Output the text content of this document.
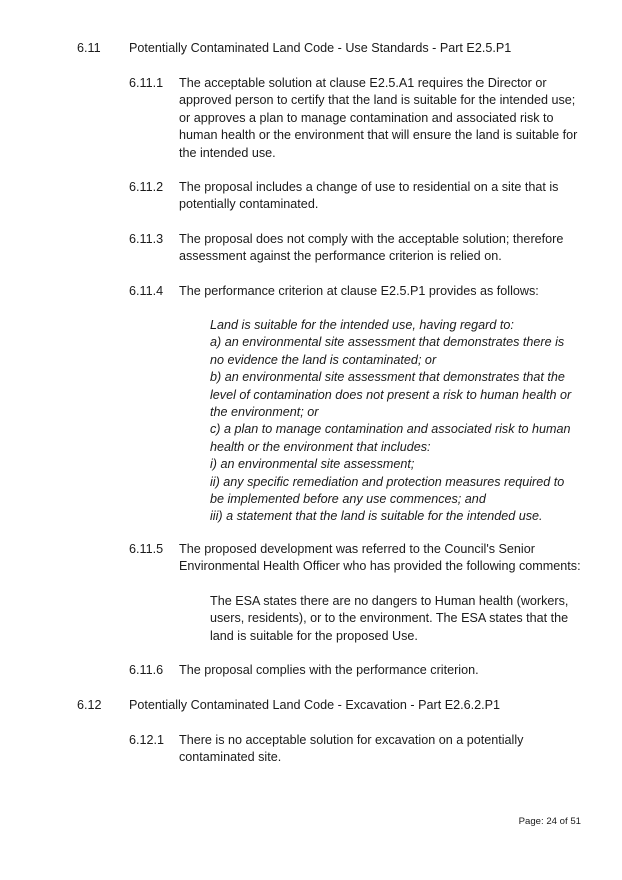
6.11 Potentially Contaminated Land Code - Use Standards - Part E2.5.P1
6.11.1 The acceptable solution at clause E2.5.A1 requires the Director or approved person to certify that the land is suitable for the intended use; or approves a plan to manage contamination and associated risk to human health or the environment that will ensure the land is suitable for the intended use.
6.11.2 The proposal includes a change of use to residential on a site that is potentially contaminated.
6.11.3 The proposal does not comply with the acceptable solution; therefore assessment against the performance criterion is relied on.
6.11.4 The performance criterion at clause E2.5.P1 provides as follows:
Land is suitable for the intended use, having regard to:
a) an environmental site assessment that demonstrates there is no evidence the land is contaminated; or
b) an environmental site assessment that demonstrates that the level of contamination does not present a risk to human health or the environment; or
c) a plan to manage contamination and associated risk to human health or the environment that includes:
i) an environmental site assessment;
ii) any specific remediation and protection measures required to be implemented before any use commences; and
iii) a statement that the land is suitable for the intended use.
6.11.5 The proposed development was referred to the Council's Senior Environmental Health Officer who has provided the following comments:
The ESA states there are no dangers to Human health (workers, users, residents), or to the environment. The ESA states that the land is suitable for the proposed Use.
6.11.6 The proposal complies with the performance criterion.
6.12 Potentially Contaminated Land Code - Excavation - Part E2.6.2.P1
6.12.1 There is no acceptable solution for excavation on a potentially contaminated site.
Page: 24 of 51
